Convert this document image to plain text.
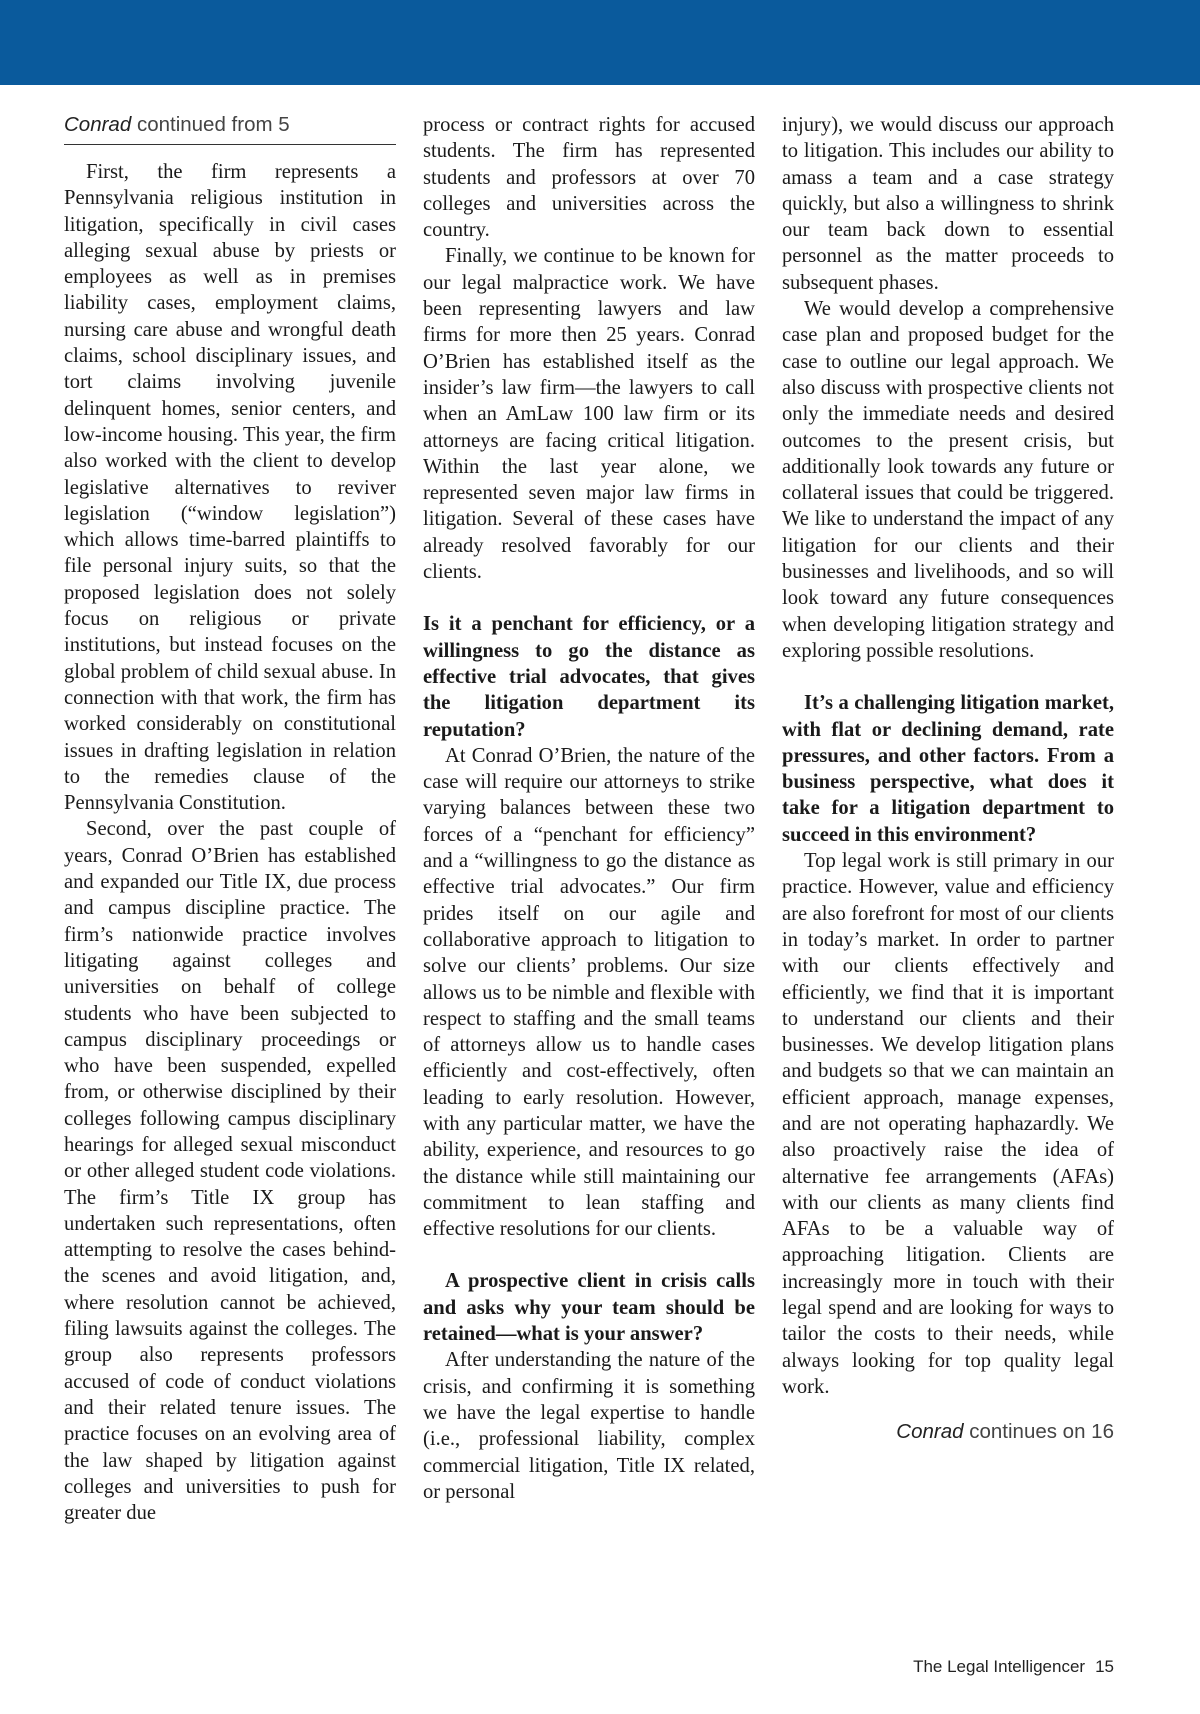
Conrad continued from 5

First, the firm represents a Pennsylvania religious institution in litigation, specifically in civil cases alleging sexual abuse by priests or employees as well as in premises liability cases, employment claims, nursing care abuse and wrongful death claims, school disciplinary issues, and tort claims involving juvenile delinquent homes, senior centers, and low-income housing. This year, the firm also worked with the client to develop legislative alternatives to reviver legislation (“window legislation”) which allows time-barred plaintiffs to file personal injury suits, so that the proposed legislation does not solely focus on religious or private institutions, but instead focuses on the global problem of child sexual abuse. In connection with that work, the firm has worked considerably on constitutional issues in drafting legislation in relation to the remedies clause of the Pennsylvania Constitution.

Second, over the past couple of years, Conrad O’Brien has established and expanded our Title IX, due process and campus discipline practice. The firm’s nationwide practice involves litigating against colleges and universities on behalf of college students who have been subjected to campus disciplinary proceedings or who have been suspended, expelled from, or otherwise disciplined by their colleges following campus disciplinary hearings for alleged sexual misconduct or other alleged student code violations. The firm’s Title IX group has undertaken such representations, often attempting to resolve the cases behind-the scenes and avoid litigation, and, where resolution cannot be achieved, filing lawsuits against the colleges. The group also represents professors accused of code of conduct violations and their related tenure issues. The practice focuses on an evolving area of the law shaped by litigation against colleges and universities to push for greater due

process or contract rights for accused students. The firm has represented students and professors at over 70 colleges and universities across the country.

Finally, we continue to be known for our legal malpractice work. We have been representing lawyers and law firms for more then 25 years. Conrad O’Brien has established itself as the insider’s law firm—the lawyers to call when an AmLaw 100 law firm or its attorneys are facing critical litigation. Within the last year alone, we represented seven major law firms in litigation. Several of these cases have already resolved favorably for our clients.

Is it a penchant for efficiency, or a willingness to go the distance as effective trial advocates, that gives the litigation department its reputation?

At Conrad O’Brien, the nature of the case will require our attorneys to strike varying balances between these two forces of a “penchant for efficiency” and a “willingness to go the distance as effective trial advocates.” Our firm prides itself on our agile and collaborative approach to litigation to solve our clients’ problems. Our size allows us to be nimble and flexible with respect to staffing and the small teams of attorneys allow us to handle cases efficiently and cost-effectively, often leading to early resolution. However, with any particular matter, we have the ability, experience, and resources to go the distance while still maintaining our commitment to lean staffing and effective resolutions for our clients.

A prospective client in crisis calls and asks why your team should be retained—what is your answer?

After understanding the nature of the crisis, and confirming it is something we have the legal expertise to handle (i.e., professional liability, complex commercial litigation, Title IX related, or personal

injury), we would discuss our approach to litigation. This includes our ability to amass a team and a case strategy quickly, but also a willingness to shrink our team back down to essential personnel as the matter proceeds to subsequent phases.

We would develop a comprehensive case plan and proposed budget for the case to outline our legal approach. We also discuss with prospective clients not only the immediate needs and desired outcomes to the present crisis, but additionally look towards any future or collateral issues that could be triggered. We like to understand the impact of any litigation for our clients and their businesses and livelihoods, and so will look toward any future consequences when developing litigation strategy and exploring possible resolutions.

It’s a challenging litigation market, with flat or declining demand, rate pressures, and other factors. From a business perspective, what does it take for a litigation department to succeed in this environment?

Top legal work is still primary in our practice. However, value and efficiency are also forefront for most of our clients in today’s market. In order to partner with our clients effectively and efficiently, we find that it is important to understand our clients and their businesses. We develop litigation plans and budgets so that we can maintain an efficient approach, manage expenses, and are not operating haphazardly. We also proactively raise the idea of alternative fee arrangements (AFAs) with our clients as many clients find AFAs to be a valuable way of approaching litigation. Clients are increasingly more in touch with their legal spend and are looking for ways to tailor the costs to their needs, while always looking for top quality legal work.

Conrad continues on 16
The Legal Intelligencer 15
